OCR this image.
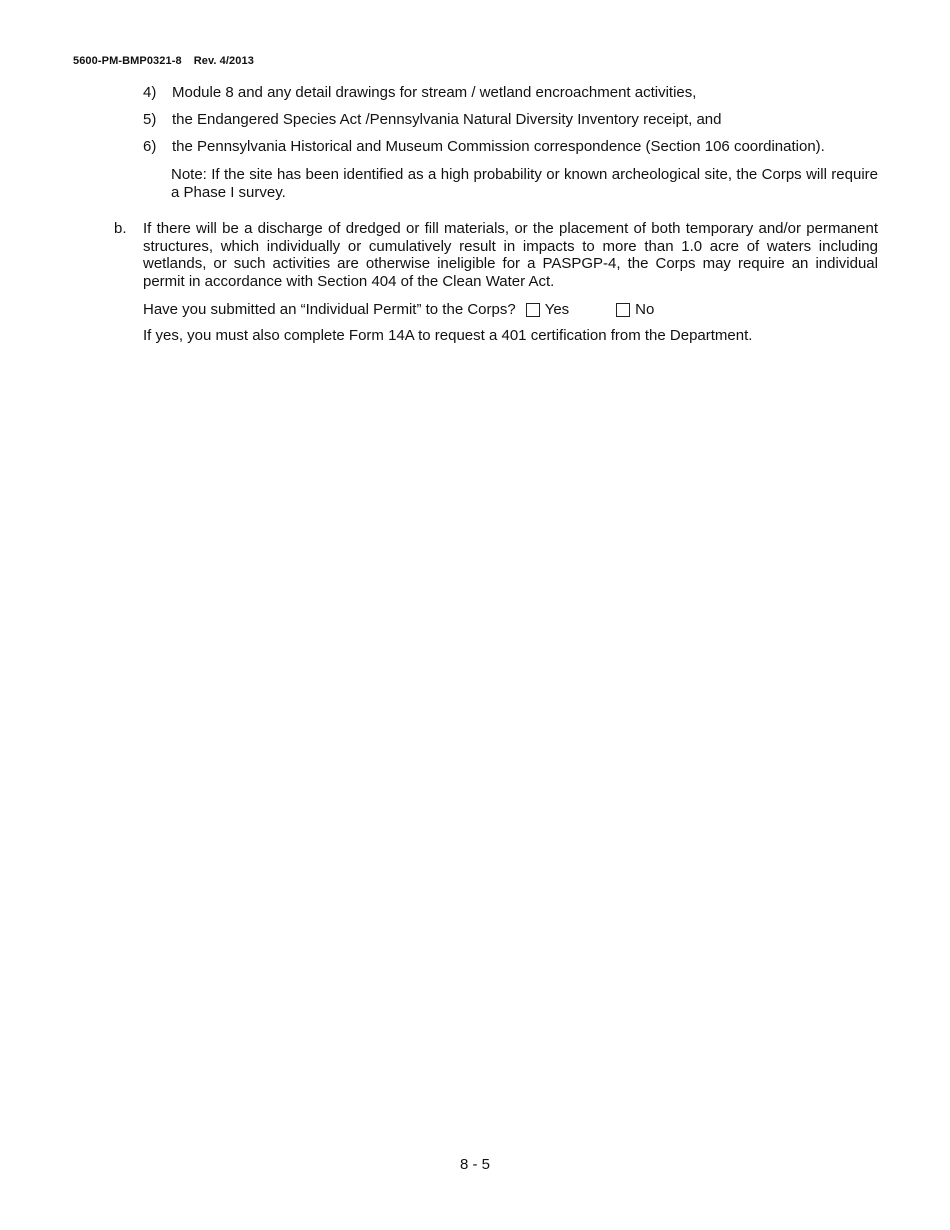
5600-PM-BMP0321-8 Rev. 4/2013
4) Module 8 and any detail drawings for stream / wetland encroachment activities,
5) the Endangered Species Act /Pennsylvania Natural Diversity Inventory receipt, and
6) the Pennsylvania Historical and Museum Commission correspondence (Section 106 coordination).
Note: If the site has been identified as a high probability or known archeological site, the Corps will require a Phase I survey.
b. If there will be a discharge of dredged or fill materials, or the placement of both temporary and/or permanent structures, which individually or cumulatively result in impacts to more than 1.0 acre of waters including wetlands, or such activities are otherwise ineligible for a PASPGP-4, the Corps may require an individual permit in accordance with Section 404 of the Clean Water Act.
Have you submitted an “Individual Permit” to the Corps? Yes	No
If yes, you must also complete Form 14A to request a 401 certification from the Department.
8 - 5
